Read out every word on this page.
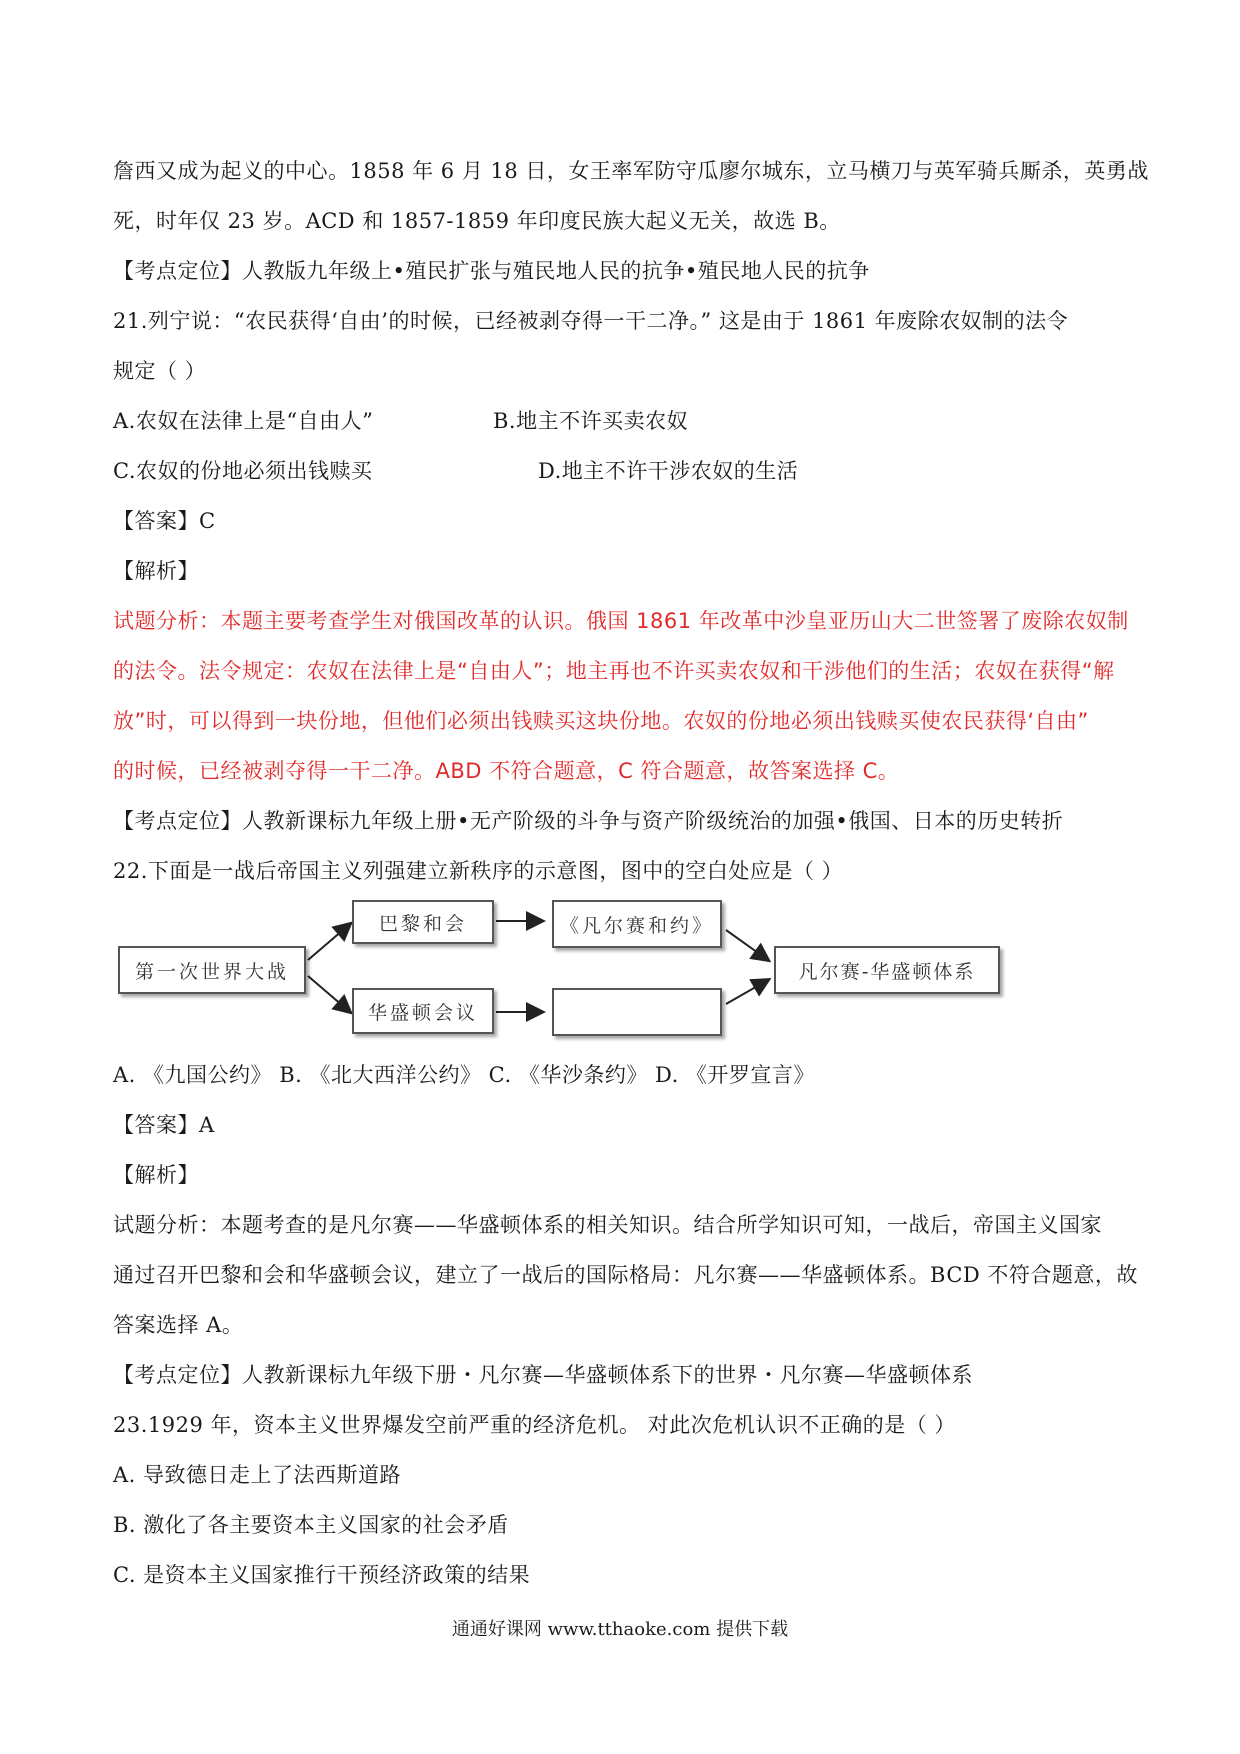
詹西又成为起义的中心。1858 年 6 月 18 日，女王率军防守瓜廖尔城东，立马横刀与英军骑兵厮杀，英勇战
死，时年仅 23 岁。ACD 和 1857-1859 年印度民族大起义无关，故选 B。
【考点定位】人教版九年级上•殖民扩张与殖民地人民的抗争•殖民地人民的抗争
21.列宁说：“农民获得‘自由’的时候，已经被剥夺得一干二净。” 这是由于 1861 年废除农奴制的法令
规定（ ）
A.农奴在法律上是“自由人”	B.地主不许买卖农奴
C.农奴的份地必须出钱赎买	D.地主不许干涉农奴的生活
【答案】C
【解析】
试题分析：本题主要考查学生对俄国改革的认识。俄国 1861 年改革中沙皇亚历山大二世签署了废除农奴制
的法令。法令规定：农奴在法律上是“自由人”；地主再也不许买卖农奴和干涉他们的生活；农奴在获得“解
放”时，可以得到一块份地，但他们必须出钱赎买这块份地。农奴的份地必须出钱赎买使农民获得‘自由”
的时候，已经被剥夺得一干二净。ABD 不符合题意，C 符合题意，故答案选择 C。
【考点定位】人教新课标九年级上册•无产阶级的斗争与资产阶级统治的加强•俄国、日本的历史转折
22.下面是一战后帝国主义列强建立新秩序的示意图，图中的空白处应是（ ）
第一次世界大战
巴黎和会	《凡尔赛和约》
华盛顿会议
凡尔赛-华盛顿体系
A. 《九国公约》 B. 《北大西洋公约》 C. 《华沙条约》 D. 《开罗宣言》
【答案】A
【解析】
试题分析：本题考查的是凡尔赛——华盛顿体系的相关知识。结合所学知识可知，一战后，帝国主义国家
通过召开巴黎和会和华盛顿会议，建立了一战后的国际格局：凡尔赛——华盛顿体系。BCD 不符合题意，故
答案选择 A。
【考点定位】人教新课标九年级下册・凡尔赛—华盛顿体系下的世界・凡尔赛—华盛顿体系
23.1929 年，资本主义世界爆发空前严重的经济危机。 对此次危机认识不正确的是（ ）
A. 导致德日走上了法西斯道路
B. 激化了各主要资本主义国家的社会矛盾
C. 是资本主义国家推行干预经济政策的结果
通通好课网 www.tthaoke.com 提供下载
